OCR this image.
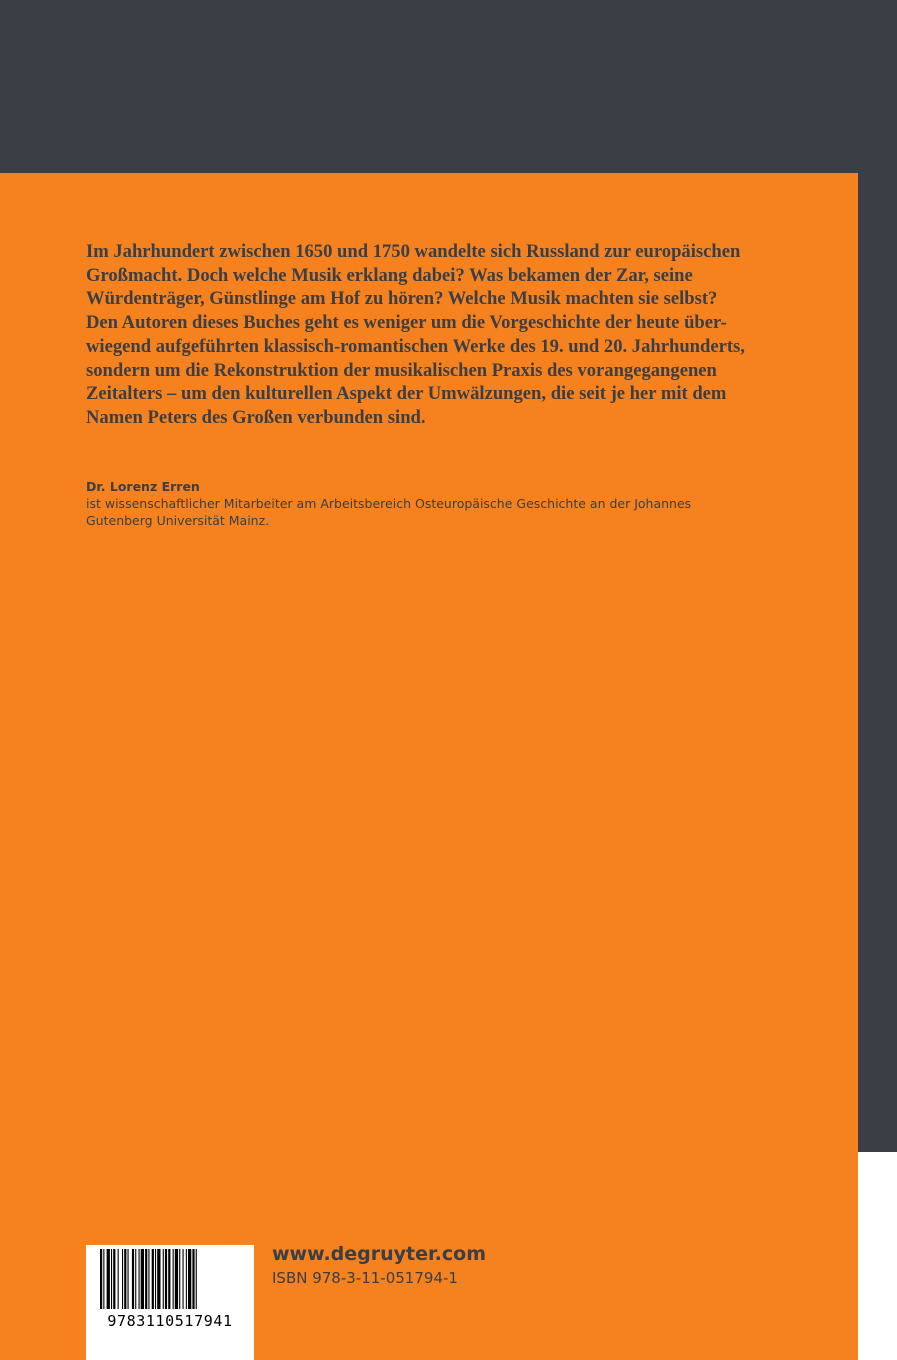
Im Jahrhundert zwischen 1650 und 1750 wandelte sich Russland zur europäischen
Großmacht. Doch welche Musik erklang dabei? Was bekamen der Zar, seine
Würdenträger, Günstlinge am Hof zu hören? Welche Musik machten sie selbst?
Den Autoren dieses Buches geht es weniger um die Vorgeschichte der heute über-
wiegend aufgeführten klassisch-romantischen Werke des 19. und 20. Jahrhunderts,
sondern um die Rekonstruktion der musikalischen Praxis des vorangegangenen
Zeitalters – um den kulturellen Aspekt der Umwälzungen, die seit je her mit dem
Namen Peters des Großen verbunden sind.

Dr. Lorenz Erren

ist wissenschaftlicher Mitarbeiter am Arbeitsbereich Osteuropäische Geschichte an der Johannes
Gutenberg Universität Mainz.

9783110517941

www.degruyter.com

ISBN 978-3-11-051794-1
